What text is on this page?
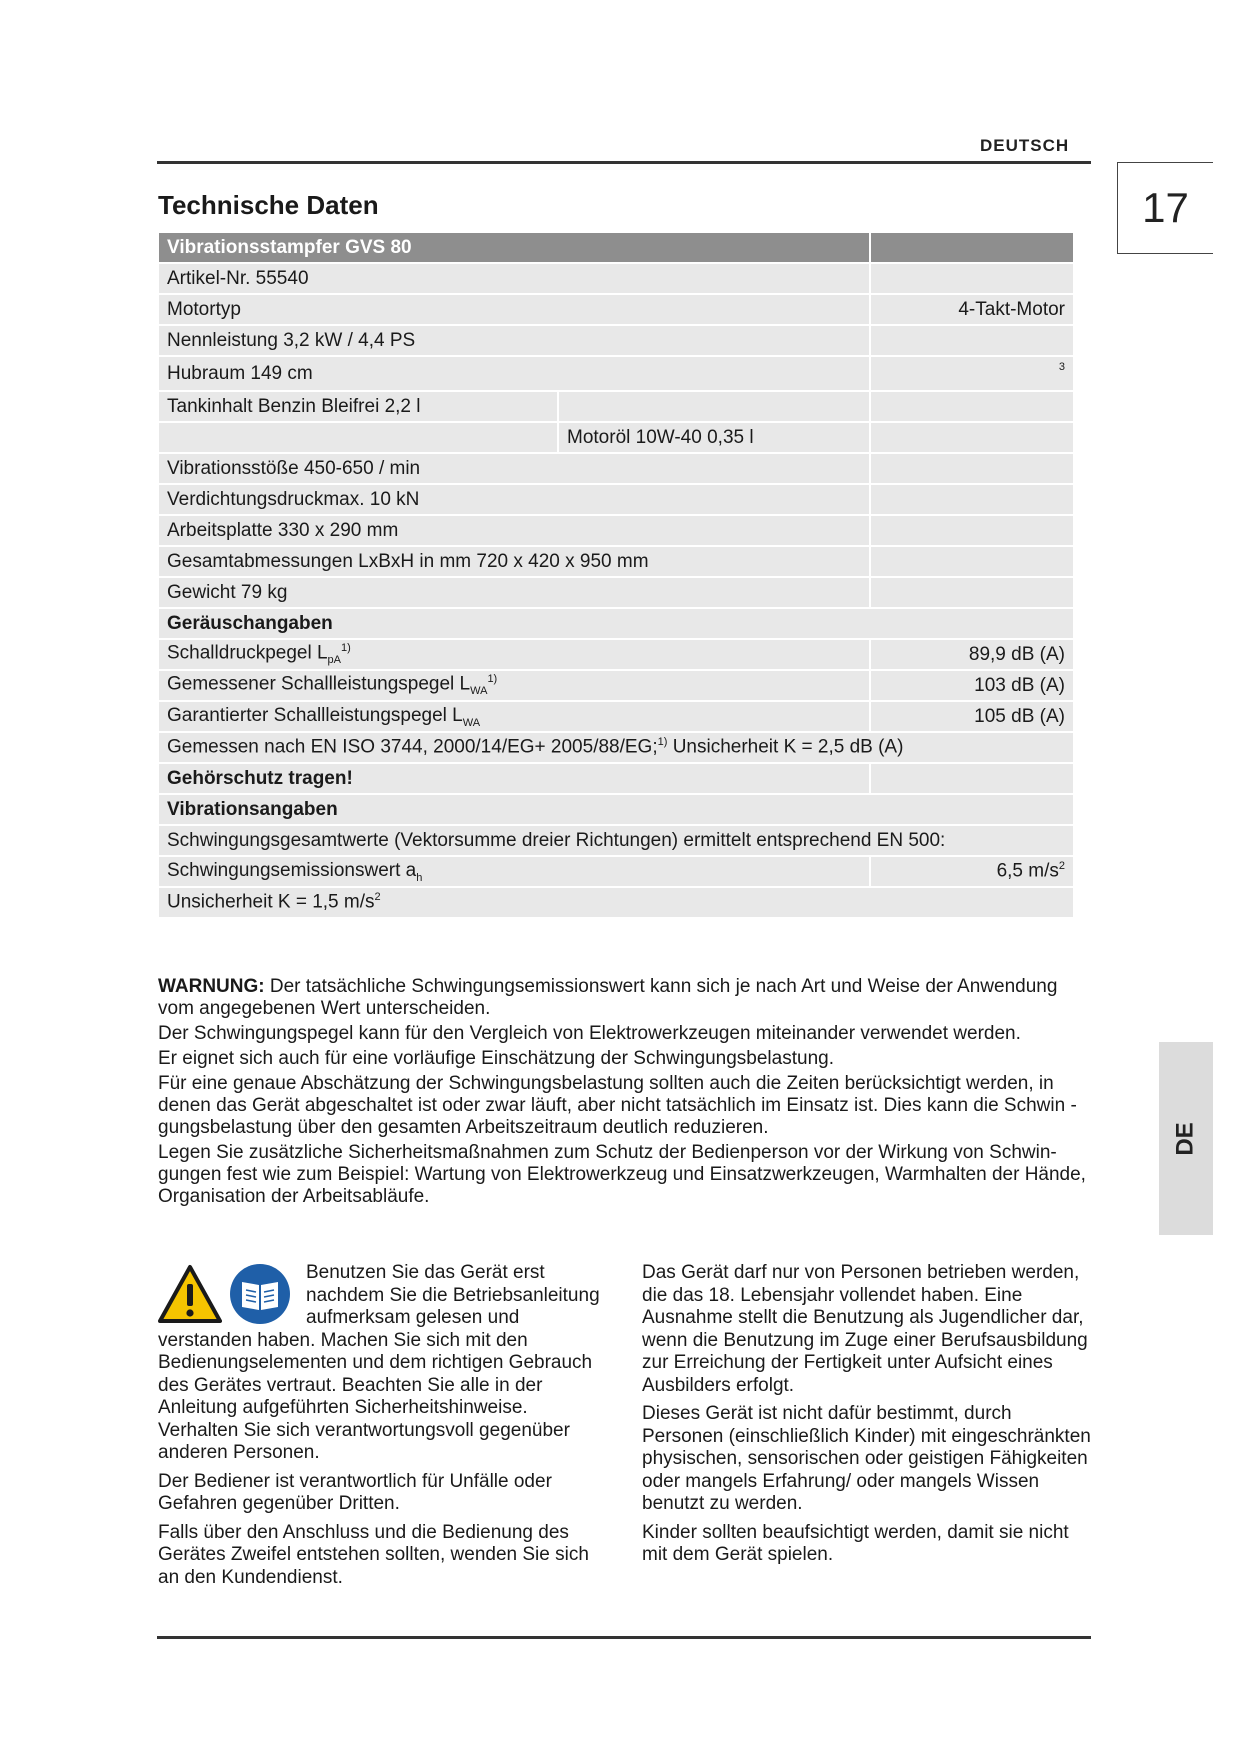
DEUTSCH
17
DE
Technische Daten
Vibrationsstampfer GVS 80		
Artikel-Nr. 55540		
Motortyp		4-Takt-Motor
Nennleistung 3,2 kW / 4,4 PS		
Hubraum 149 cm		3
Tankinhalt Benzin Bleifrei 2,2 l		
	Motoröl 10W-40 0,35 l	
Vibrationsstöße 450-650 / min		
Verdichtungsdruckmax. 10 kN		
Arbeitsplatte 330 x 290 mm		
Gesamtabmessungen LxBxH in mm 720 x 420 x 950 mm		
Gewicht 79 kg		
Geräuschangaben		
Schalldruckpegel $L_{pA}^{1)}$		89,9 dB (A)
Gemessener Schallleistungspegel $L_{WA}^{1)}$		103 dB (A)
Garantierter Schallleistungspegel $L_{WA}$		105 dB (A)
Gemessen nach EN ISO 3744, 2000/14/EG+ 2005/88/EG;$^{1)}$ Unsicherheit K = 2,5 dB (A)		
Gehörschutz tragen!		
Vibrationsangaben		
Schwingungsgesamtwerte (Vektorsumme dreier Richtungen) ermittelt entsprechend EN 500:		
Schwingungsemissionswert $a_h$		6,5 $m/s^2$
Unsicherheit K = 1,5 $m/s^2$

WARNUNG: Der tatsächliche Schwingungsemissionswert kann sich je nach Art und Weise der Anwendung vom angegebenen Wert unterscheiden.

Der Schwingungspegel kann für den Vergleich von Elektrowerkzeugen miteinander verwendet werden.

Er eignet sich auch für eine vorläufige Einschätzung der Schwingungsbelastung.

Für eine genaue Abschätzung der Schwingungsbelastung sollten auch die Zeiten berücksichtigt werden, in denen das Gerät abgeschaltet ist oder zwar läuft, aber nicht tatsächlich im Einsatz ist. Dies kann die Schwin - gungsbelastung über den gesamten Arbeitszeitraum deutlich reduzieren.

Legen Sie zusätzliche Sicherheitsmaßnahmen zum Schutz der Bedienperson vor der Wirkung von Schwin- gungen fest wie zum Beispiel: Wartung von Elektrowerkzeug und Einsatzwerkzeugen, Warmhalten der Hände, Organisation der Arbeitsabläufe.

Benutzen Sie das Gerät erst nachdem Sie die Betriebsanleitung aufmerksam gelesen und verstanden haben. Machen Sie sich mit den Bedienungselementen und dem richtigen Gebrauch des Gerätes vertraut. Beachten Sie alle in der Anleitung aufgeführten Sicherheitshinweise. Verhalten Sie sich verantwortungsvoll gegenüber anderen Personen.

Der Bediener ist verantwortlich für Unfälle oder Gefahren gegenüber Dritten.

Falls über den Anschluss und die Bedienung des Gerätes Zweifel entstehen sollten, wenden Sie sich an den Kundendienst.

Das Gerät darf nur von Personen betrieben werden, die das 18. Lebensjahr vollendet haben. Eine Ausnahme stellt die Benutzung als Jugendlicher dar, wenn die Benutzung im Zuge einer Berufsausbildung zur Erreichung der Fertigkeit unter Aufsicht eines Ausbilders erfolgt.

Dieses Gerät ist nicht dafür bestimmt, durch Personen (einschließlich Kinder) mit eingeschränkten physischen, sensorischen oder geistigen Fähigkeiten oder mangels Erfahrung/ oder mangels Wissen benutzt zu werden.

Kinder sollten beaufsichtigt werden, damit sie nicht mit dem Gerät spielen.
